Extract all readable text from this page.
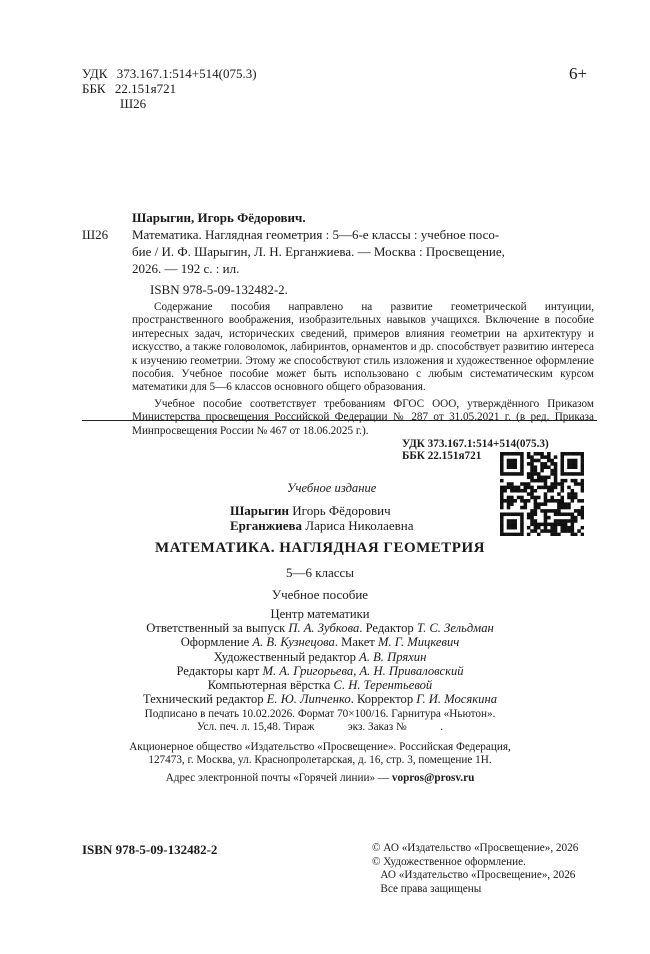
УДК 373.167.1:514+514(075.3)
ББК 22.151я721
Ш26
6+
Шарыгин, Игорь Фёдорович.
Ш26 Математика. Наглядная геометрия : 5—6-е классы : учебное посо-
бие / И. Ф. Шарыгин, Л. Н. Ерганжиева. — Москва : Просвещение,
2026. — 192 с. : ил.
ISBN 978-5-09-132482-2.
Содержание пособия направлено на развитие геометрической интуиции, пространственного воображения, изобразительных навыков учащихся. Включение в пособие интересных задач, исторических сведений, примеров влияния геометрии на архитектуру и искусство, а также головоломок, лабиринтов, орнаментов и др. способствует развитию интереса к изучению геометрии. Этому же способствуют стиль изложения и художественное оформление пособия. Учебное пособие может быть использовано с любым систематическим курсом математики для 5—6 классов основного общего образования.
Учебное пособие соответствует требованиям ФГОС ООО, утверждённого Приказом Министерства просвещения Российской Федерации № 287 от 31.05.2021 г. (в ред. Приказа Минпросвещения России № 467 от 18.06.2025 г.).
УДК 373.167.1:514+514(075.3)
ББК 22.151я721
Учебное издание
Шарыгин Игорь Фёдорович
Ерганжиева Лариса Николаевна
МАТЕМАТИКА. НАГЛЯДНАЯ ГЕОМЕТРИЯ
5—6 классы
Учебное пособие
Центр математики
Ответственный за выпуск П. А. Зубкова. Редактор Т. С. Зельдман
Оформление А. В. Кузнецова. Макет М. Г. Мицкевич
Художественный редактор А. В. Пряхин
Редакторы карт М. А. Григорьева, А. Н. Приваловский
Компьютерная вёрстка С. Н. Терентьевой
Технический редактор Е. Ю. Липченко. Корректор Г. И. Мосякина
Подписано в печать 10.02.2026. Формат 70×100/16. Гарнитура «Ньютон».
Усл. печ. л. 15,48. Тираж            экз. Заказ №            .
Акционерное общество «Издательство «Просвещение». Российская Федерация,
127473, г. Москва, ул. Краснопролетарская, д. 16, стр. 3, помещение 1Н.
Адрес электронной почты «Горячей линии» — vopros@prosv.ru
ISBN 978-5-09-132482-2	© АО «Издательство «Просвещение», 2026
© Художественное оформление.
АО «Издательство «Просвещение», 2026
Все права защищены
